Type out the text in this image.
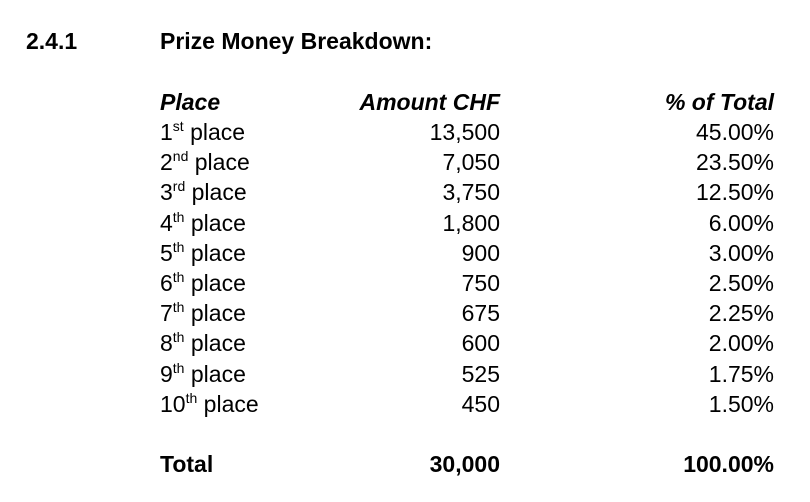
2.4.1	Prize Money Breakdown:
Place	Amount CHF	% of Total
1st place	13,500	45.00%
2nd place	7,050	23.50%
3rd place	3,750	12.50%
4th place	1,800	6.00%
5th place	900	3.00%
6th place	750	2.50%
7th place	675	2.25%
8th place	600	2.00%
9th place	525	1.75%
10th place	450	1.50%
Total	30,000	100.00%
